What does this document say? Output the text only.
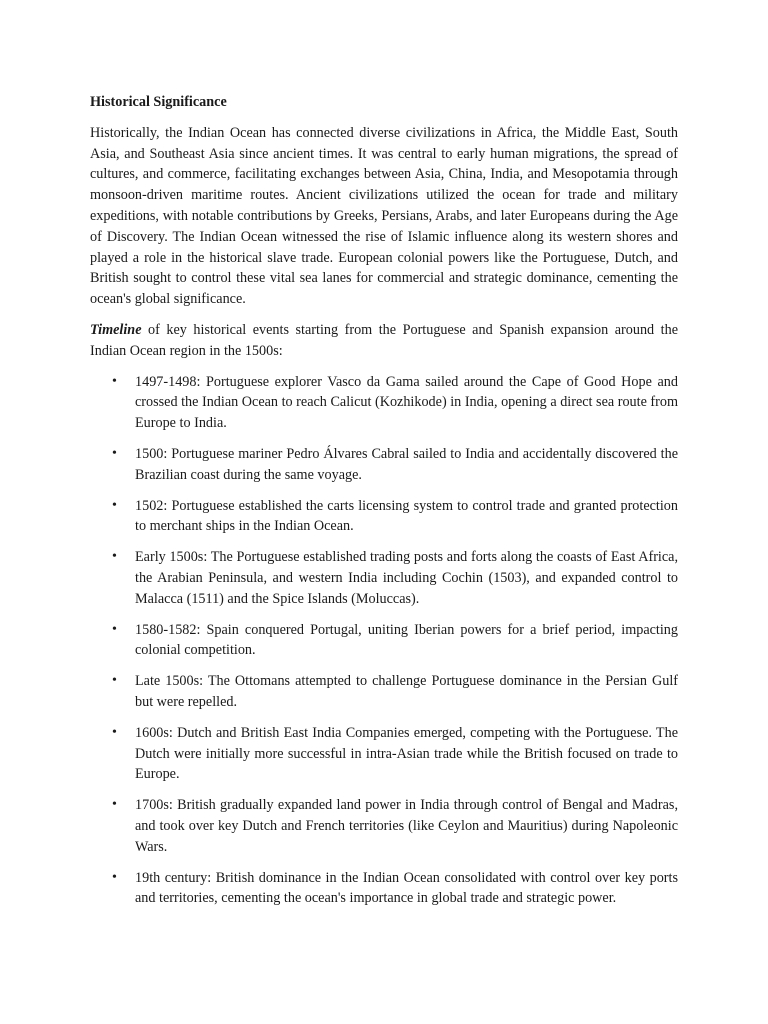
Historical Significance

Historically, the Indian Ocean has connected diverse civilizations in Africa, the Middle East, South Asia, and Southeast Asia since ancient times. It was central to early human migrations, the spread of cultures, and commerce, facilitating exchanges between Asia, China, India, and Mesopotamia through monsoon-driven maritime routes. Ancient civilizations utilized the ocean for trade and military expeditions, with notable contributions by Greeks, Persians, Arabs, and later Europeans during the Age of Discovery. The Indian Ocean witnessed the rise of Islamic influence along its western shores and played a role in the historical slave trade. European colonial powers like the Portuguese, Dutch, and British sought to control these vital sea lanes for commercial and strategic dominance, cementing the ocean's global significance.

Timeline of key historical events starting from the Portuguese and Spanish expansion around the Indian Ocean region in the 1500s:

• 1497-1498: Portuguese explorer Vasco da Gama sailed around the Cape of Good Hope and crossed the Indian Ocean to reach Calicut (Kozhikode) in India, opening a direct sea route from Europe to India.
• 1500: Portuguese mariner Pedro Álvares Cabral sailed to India and accidentally discovered the Brazilian coast during the same voyage.
• 1502: Portuguese established the carts licensing system to control trade and granted protection to merchant ships in the Indian Ocean.
• Early 1500s: The Portuguese established trading posts and forts along the coasts of East Africa, the Arabian Peninsula, and western India including Cochin (1503), and expanded control to Malacca (1511) and the Spice Islands (Moluccas).
• 1580-1582: Spain conquered Portugal, uniting Iberian powers for a brief period, impacting colonial competition.
• Late 1500s: The Ottomans attempted to challenge Portuguese dominance in the Persian Gulf but were repelled.
• 1600s: Dutch and British East India Companies emerged, competing with the Portuguese. The Dutch were initially more successful in intra-Asian trade while the British focused on trade to Europe.
• 1700s: British gradually expanded land power in India through control of Bengal and Madras, and took over key Dutch and French territories (like Ceylon and Mauritius) during Napoleonic Wars.
• 19th century: British dominance in the Indian Ocean consolidated with control over key ports and territories, cementing the ocean's importance in global trade and strategic power.
